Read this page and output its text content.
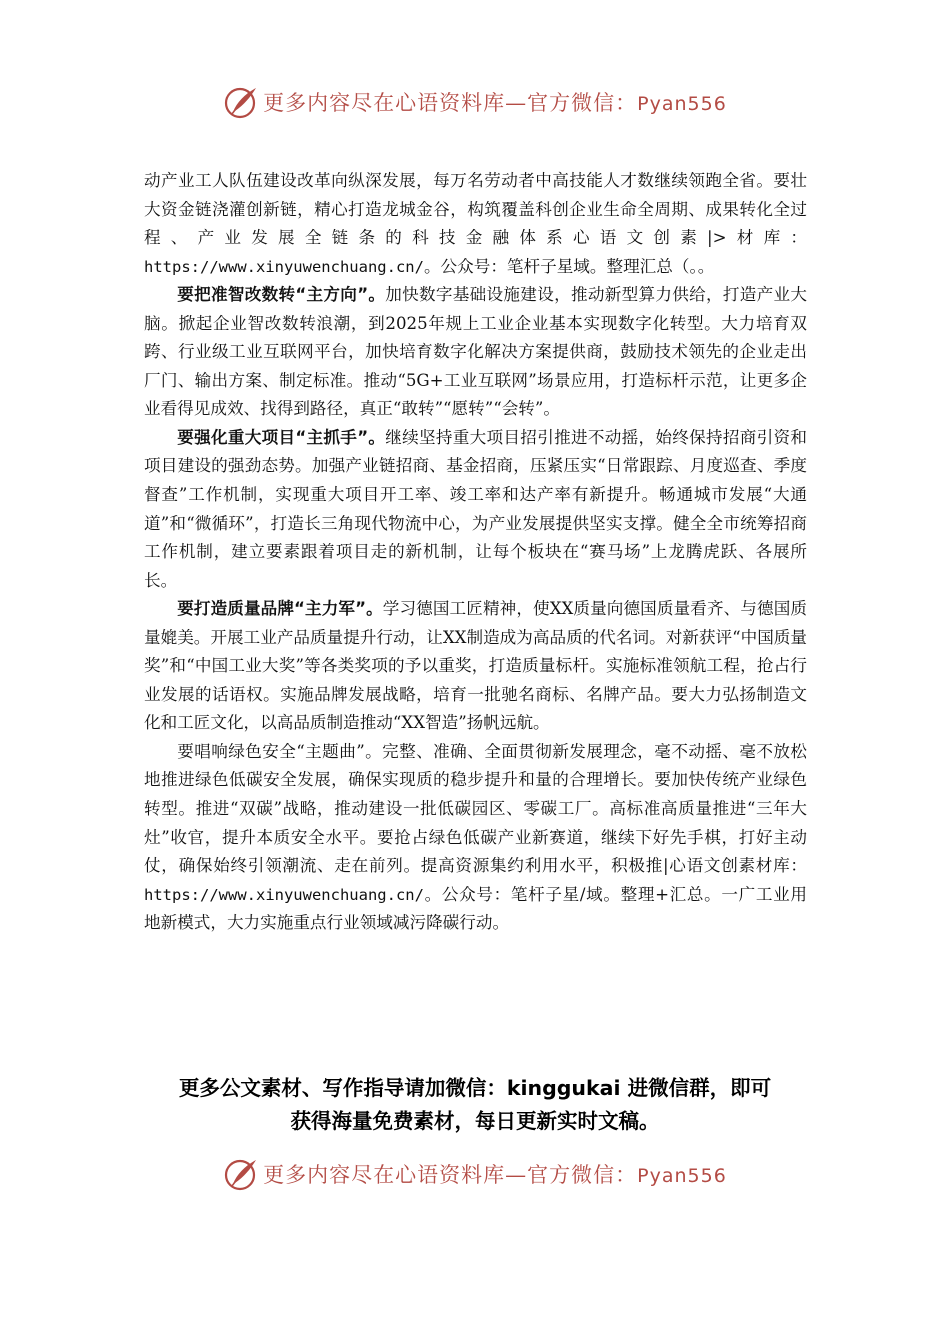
更多内容尽在心语资料库—官方微信：Pyan556

动产业工人队伍建设改革向纵深发展，每万名劳动者中高技能人才数继续领跑全省。要壮大资金链浇灌创新链，精心打造龙城金谷，构筑覆盖科创企业生命全周期、成果转化全过程、产业发展全链条的科技金融体系心语文创素|>材库：https://www.xinyuwenchuang.cn/。公众号：笔杆子星域。整理汇总（。。

要把准智改数转“主方向”。加快数字基础设施建设，推动新型算力供给，打造产业大脑。掀起企业智改数转浪潮，到2025年规上工业企业基本实现数字化转型。大力培育双跨、行业级工业互联网平台，加快培育数字化解决方案提供商，鼓励技术领先的企业走出厂门、输出方案、制定标准。推动“5G+工业互联网”场景应用，打造标杆示范，让更多企业看得见成效、找得到路径，真正“敢转”“愿转”“会转”。

要强化重大项目“主抓手”。继续坚持重大项目招引推进不动摇，始终保持招商引资和项目建设的强劲态势。加强产业链招商、基金招商，压紧压实“日常跟踪、月度巡查、季度督查”工作机制，实现重大项目开工率、竣工率和达产率有新提升。畅通城市发展“大通道”和“微循环”，打造长三角现代物流中心，为产业发展提供坚实支撑。健全全市统筹招商工作机制，建立要素跟着项目走的新机制，让每个板块在“赛马场”上龙腾虎跃、各展所长。

要打造质量品牌“主力军”。学习德国工匠精神，使XX质量向德国质量看齐、与德国质量媲美。开展工业产品质量提升行动，让XX制造成为高品质的代名词。对新获评“中国质量奖”和“中国工业大奖”等各类奖项的予以重奖，打造质量标杆。实施标准领航工程，抢占行业发展的话语权。实施品牌发展战略，培育一批驰名商标、名牌产品。要大力弘扬制造文化和工匠文化，以高品质制造推动“XX智造”扬帆远航。

要唱响绿色安全“主题曲”。完整、准确、全面贯彻新发展理念，毫不动摇、毫不放松地推进绿色低碳安全发展，确保实现质的稳步提升和量的合理增长。要加快传统产业绿色转型。推进“双碳”战略，推动建设一批低碳园区、零碳工厂。高标准高质量推进“三年大灶”收官，提升本质安全水平。要抢占绿色低碳产业新赛道，继续下好先手棋，打好主动仗，确保始终引领潮流、走在前列。提高资源集约利用水平，积极推|心语文创素材库：https://www.xinyuwenchuang.cn/。公众号：笔杆子星/域。整理+汇总。一广工业用地新模式，大力实施重点行业领域减污降碳行动。

更多公文素材、写作指导请加微信：kinggukai 进微信群，即可
获得海量免费素材，每日更新实时文稿。
更多内容尽在心语资料库—官方微信：Pyan556
